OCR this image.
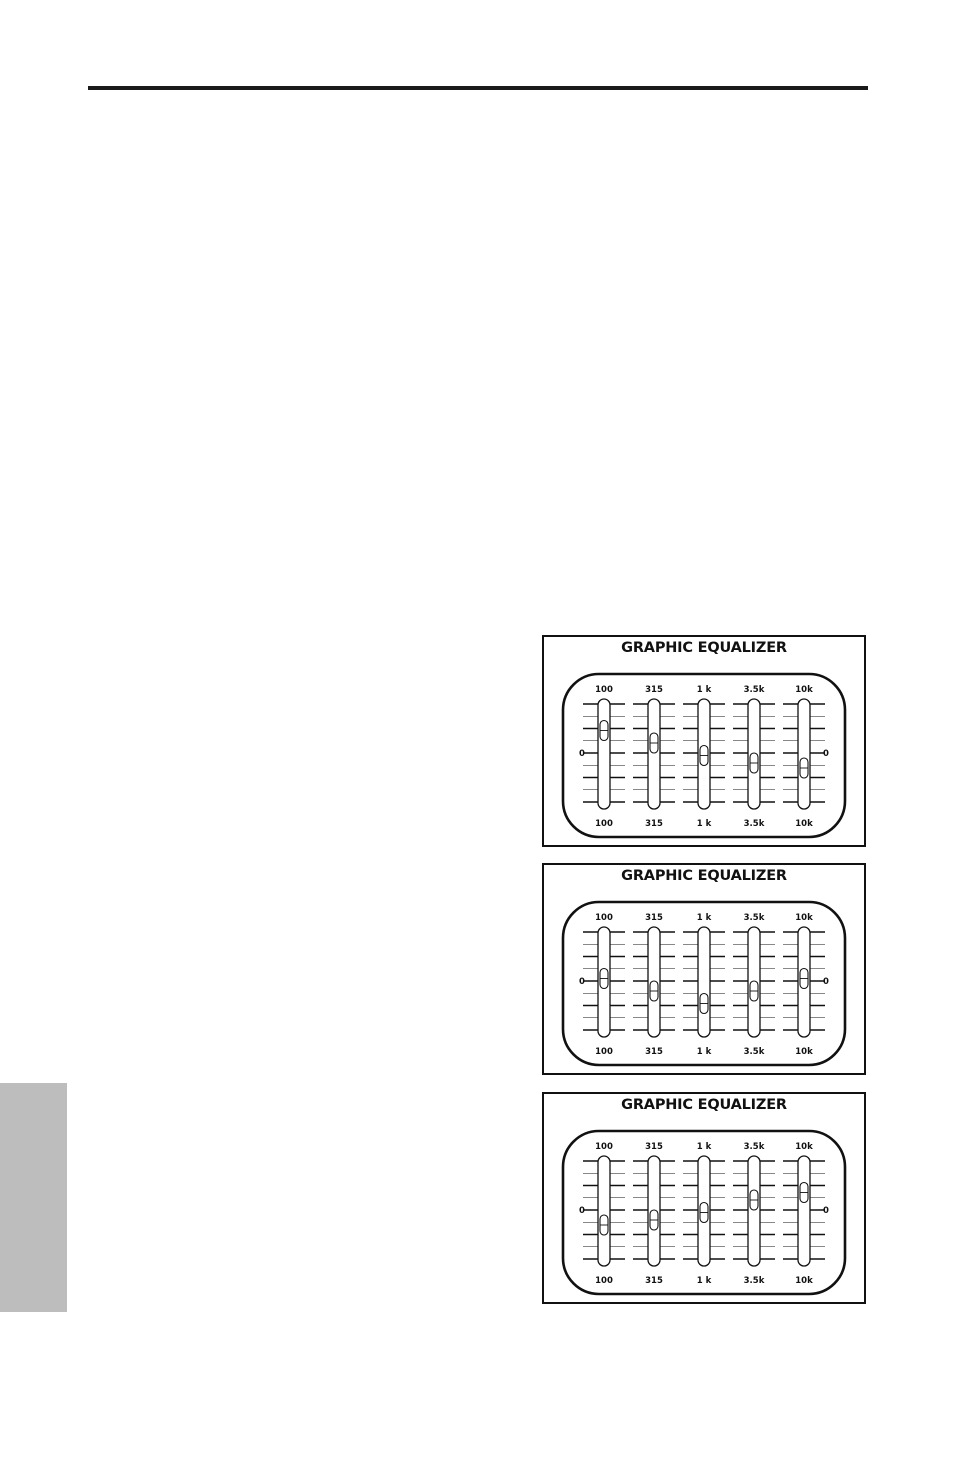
GRAPHIC EQUALIZER
0	0
100
100
315
315
1 k
1 k
3.5k
3.5k
10k
10k
GRAPHIC EQUALIZER
0	0
100
100
315
315
1 k
1 k
3.5k
3.5k
10k
10k
GRAPHIC EQUALIZER
0	0
100
100
315
315
1 k
1 k
3.5k
3.5k
10k
10k
